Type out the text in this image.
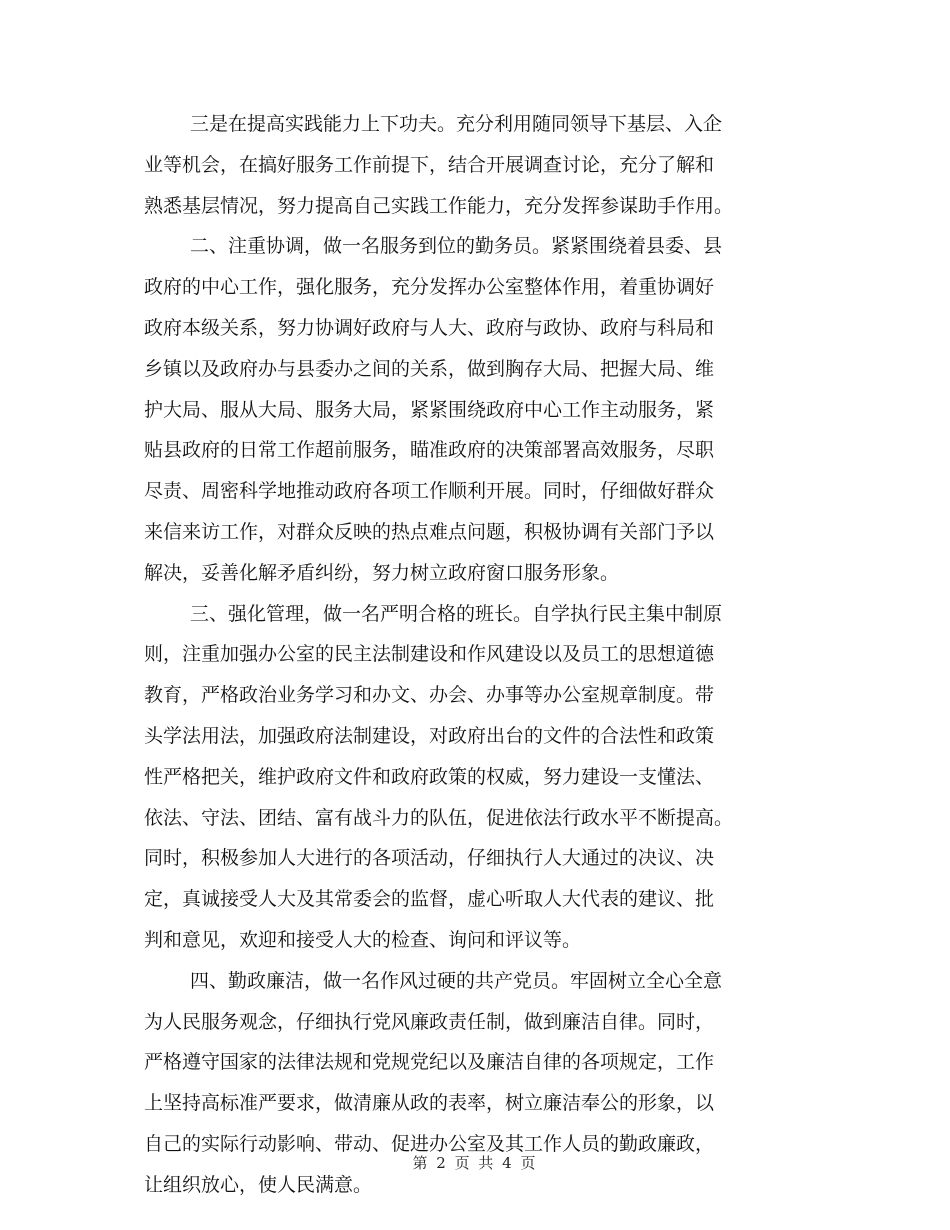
三是在提高实践能力上下功夫。充分利用随同领导下基层、入企
业等机会，在搞好服务工作前提下，结合开展调查讨论，充分了解和
熟悉基层情况，努力提高自己实践工作能力，充分发挥参谋助手作用。
二、注重协调，做一名服务到位的勤务员。紧紧围绕着县委、县
政府的中心工作，强化服务，充分发挥办公室整体作用，着重协调好
政府本级关系，努力协调好政府与人大、政府与政协、政府与科局和
乡镇以及政府办与县委办之间的关系，做到胸存大局、把握大局、维
护大局、服从大局、服务大局，紧紧围绕政府中心工作主动服务，紧
贴县政府的日常工作超前服务，瞄准政府的决策部署高效服务，尽职
尽责、周密科学地推动政府各项工作顺利开展。同时，仔细做好群众
来信来访工作，对群众反映的热点难点问题，积极协调有关部门予以
解决，妥善化解矛盾纠纷，努力树立政府窗口服务形象。
三、强化管理，做一名严明合格的班长。自学执行民主集中制原
则，注重加强办公室的民主法制建设和作风建设以及员工的思想道德
教育，严格政治业务学习和办文、办会、办事等办公室规章制度。带
头学法用法，加强政府法制建设，对政府出台的文件的合法性和政策
性严格把关，维护政府文件和政府政策的权威，努力建设一支懂法、
依法、守法、团结、富有战斗力的队伍，促进依法行政水平不断提高。
同时，积极参加人大进行的各项活动，仔细执行人大通过的决议、决
定，真诚接受人大及其常委会的监督，虚心听取人大代表的建议、批
判和意见，欢迎和接受人大的检查、询问和评议等。
四、勤政廉洁，做一名作风过硬的共产党员。牢固树立全心全意
为人民服务观念，仔细执行党风廉政责任制，做到廉洁自律。同时，
严格遵守国家的法律法规和党规党纪以及廉洁自律的各项规定，工作
上坚持高标准严要求，做清廉从政的表率，树立廉洁奉公的形象，以
自己的实际行动影响、带动、促进办公室及其工作人员的勤政廉政，
让组织放心，使人民满意。
第 2 页 共 4 页
